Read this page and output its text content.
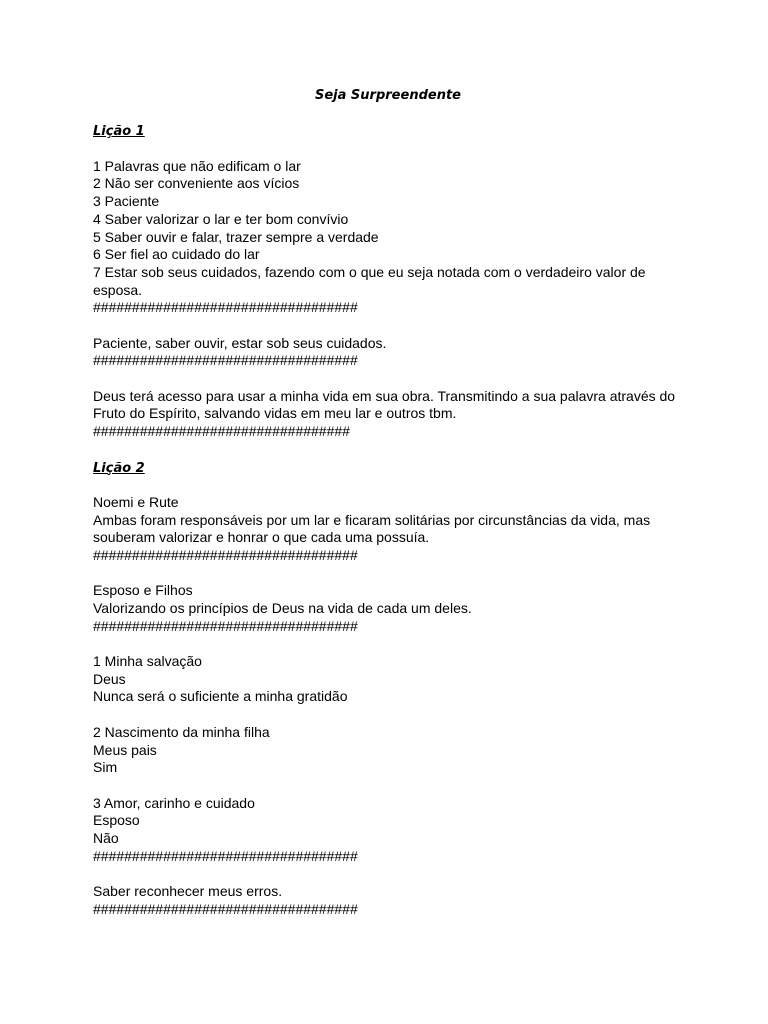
Seja Surpreendente
Lição 1
1 Palavras que não edificam o lar
2 Não ser conveniente aos vícios
3 Paciente
4 Saber valorizar o lar e ter bom convívio
5 Saber ouvir e falar, trazer sempre a verdade
6 Ser fiel ao cuidado do lar
7 Estar sob seus cuidados, fazendo com o que eu seja notada com o verdadeiro valor de esposa.
##################################
Paciente, saber ouvir, estar sob seus cuidados.
##################################
Deus terá acesso para usar a minha vida em sua obra. Transmitindo a sua palavra através do Fruto do Espírito, salvando vidas em meu lar e outros tbm.
#################################
Lição 2
Noemi e Rute
Ambas foram responsáveis por um lar e ficaram solitárias por circunstâncias da vida, mas souberam valorizar e honrar o que cada uma possuía.
##################################
Esposo e Filhos
Valorizando os princípios de Deus na vida de cada um deles.
##################################
1 Minha salvação
Deus
Nunca será o suficiente a minha gratidão
2 Nascimento da minha filha
Meus pais
Sim
3 Amor, carinho e cuidado
Esposo
Não
##################################
Saber reconhecer meus erros.
##################################
